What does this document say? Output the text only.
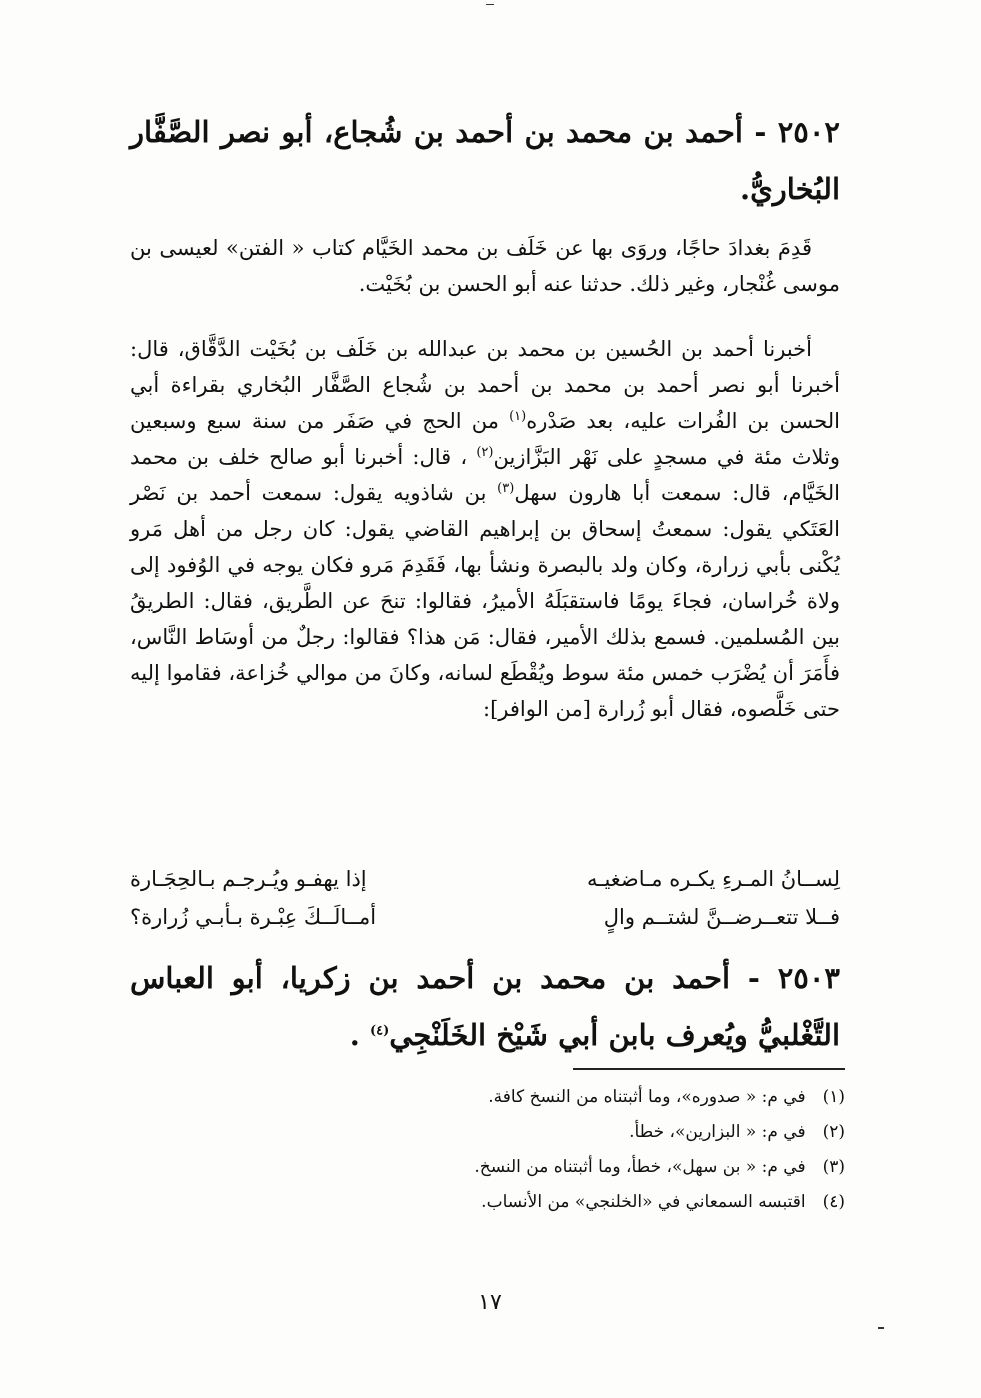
٢٥٠٢ - أحمد بن محمد بن أحمد بن شُجاع، أبو نصر الصَّفَّار البُخاريُّ.

قَدِمَ بغدادَ حاجًا، وروَى بها عن خَلَف بن محمد الخَيَّام كتاب « الفتن» لعيسى بن موسى غُنْجار، وغير ذلك. حدثنا عنه أبو الحسن بن بُخَيْت.

أخبرنا أحمد بن الحُسين بن محمد بن عبدالله بن خَلَف بن بُخَيْت الدَّقَّاق، قال: أخبرنا أبو نصر أحمد بن محمد بن أحمد بن شُجاع الصَّفَّار البُخاري بقراءة أبي الحسن بن الفُرات عليه، بعد صَدْره$^{(١)}$ من الحج في صَفَر من سنة سبع وسبعين وثلاث مئة في مسجدٍ على نَهْر البَزَّازين$^{(٢)}$ ، قال: أخبرنا أبو صالح خلف بن محمد الخَيَّام، قال: سمعت أبا هارون سهل$^{(٣)}$ بن شاذويه يقول: سمعت أحمد بن نَصْر العَتَكي يقول: سمعتُ إسحاق بن إبراهيم القاضي يقول: كان رجل من أهل مَرو يُكْنى بأبي زرارة، وكان ولد بالبصرة ونشأ بها، فَقَدِمَ مَرو فكان يوجه في الوُفود إلى ولاة خُراسان، فجاءَ يومًا فاستقبَلَهُ الأميرُ، فقالوا: تنحَ عن الطَّريق، فقال: الطريقُ بين المُسلمين. فسمع بذلك الأمير، فقال: مَن هذا؟ فقالوا: رجلٌ من أوسَاط النَّاس، فأَمَرَ أن يُضْرَب خمس مئة سوط ويُقْطَع لسانه، وكانَ من موالي خُزاعة، فقاموا إليه حتى خَلَّصوه، فقال أبو زُرارة [من الوافر]:

لِســانُ المـرءِ يكـره مـاضغيـه
إذا يهفـو ويُـرجـم بـالحِجَـارة
فــلا تتعــرضــنَّ لشتــم والٍ
أمــالَــكَ عِبْـرة بـأبـي زُرارة؟

٢٥٠٣ - أحمد بن محمد بن أحمد بن زكريا، أبو العباس التَّغْلبيُّ ويُعرف بابن أبي شَيْخ الخَلَنْجِي$^{(٤)}$ .

(١) في م: « صدوره»، وما أثبتناه من النسخ كافة.
(٢) في م: « البزارين»، خطأ.
(٣) في م: « بن سهل»، خطأ، وما أثبتناه من النسخ.
(٤) اقتبسه السمعاني في «الخلنجي» من الأنساب.
١٧
